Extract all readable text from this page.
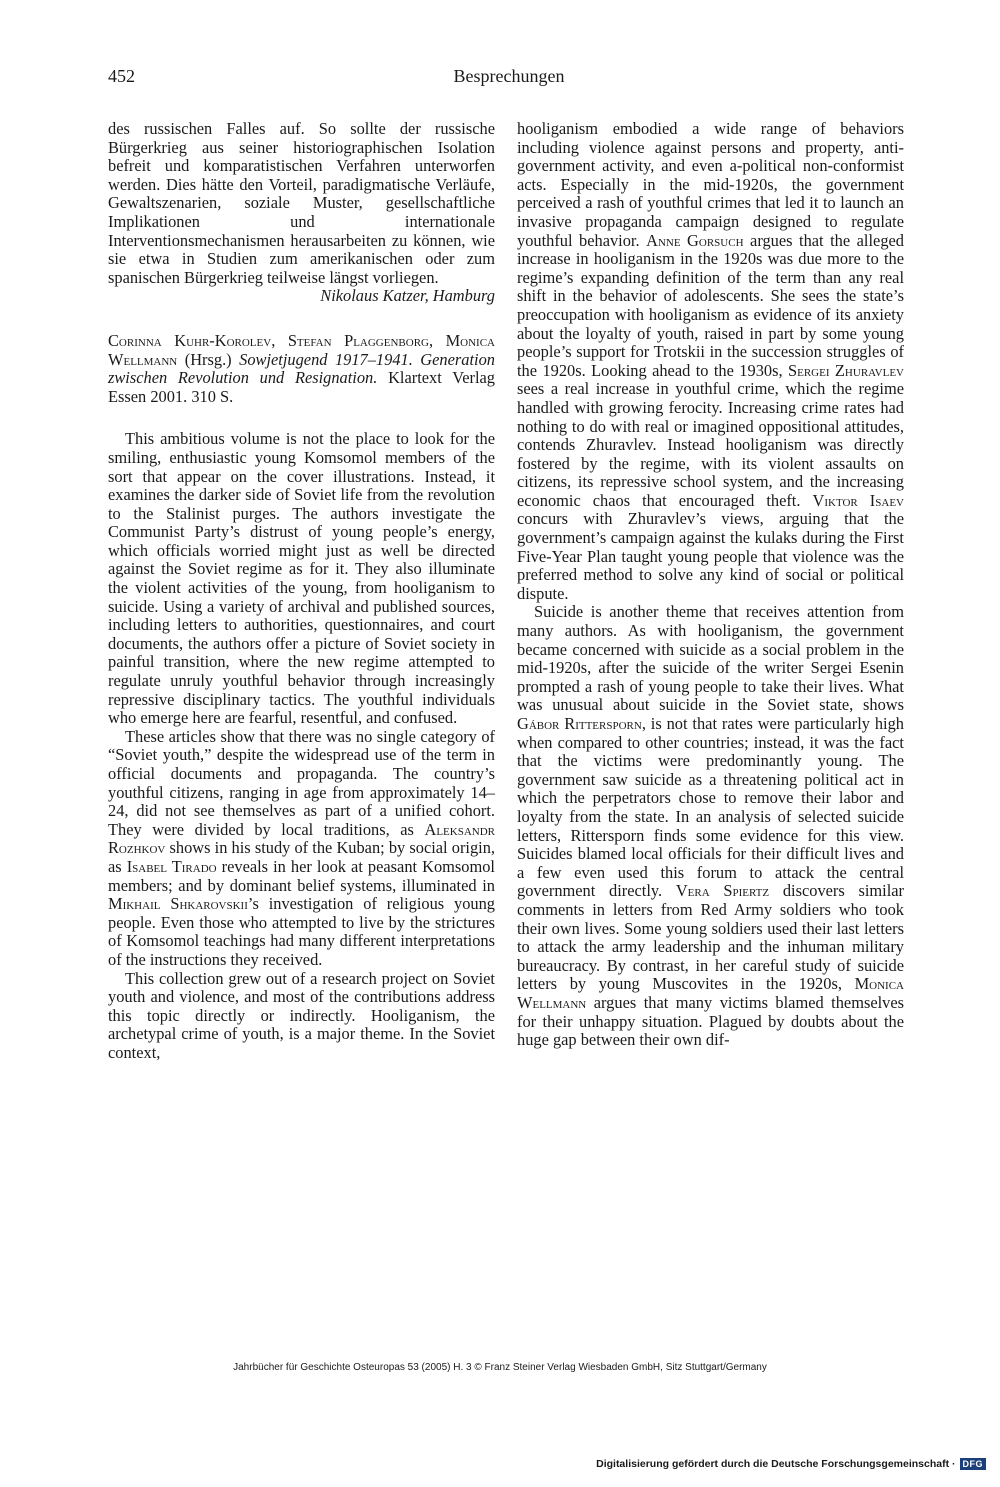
452	Besprechungen

des russischen Falles auf. So sollte der russische Bürgerkrieg aus seiner historiographischen Isolation befreit und komparatistischen Verfahren unterworfen werden. Dies hätte den Vorteil, paradigmatische Verläufe, Gewaltszenarien, soziale Muster, gesellschaftliche Implikationen und internationale Interventionsmechanismen herausarbeiten zu können, wie sie etwa in Studien zum amerikanischen oder zum spanischen Bürgerkrieg teilweise längst vorliegen.

Nikolaus Katzer, Hamburg

Corinna Kuhr-Korolev, Stefan Plaggenborg, Monica Wellmann (Hrsg.) Sowjetjugend 1917–1941. Generation zwischen Revolution und Resignation. Klartext Verlag Essen 2001. 310 S.

This ambitious volume is not the place to look for the smiling, enthusiastic young Komsomol members of the sort that appear on the cover illustrations. Instead, it examines the darker side of Soviet life from the revolution to the Stalinist purges. The authors investigate the Communist Party’s distrust of young people’s energy, which officials worried might just as well be directed against the Soviet regime as for it. They also illuminate the violent activities of the young, from hooliganism to suicide. Using a variety of archival and published sources, including letters to authorities, questionnaires, and court documents, the authors offer a picture of Soviet society in painful transition, where the new regime attempted to regulate unruly youthful behavior through increasingly repressive disciplinary tactics. The youthful individuals who emerge here are fearful, resentful, and confused.

These articles show that there was no single category of “Soviet youth,” despite the widespread use of the term in official documents and propaganda. The country’s youthful citizens, ranging in age from approximately 14–24, did not see themselves as part of a unified cohort. They were divided by local traditions, as Aleksandr Rozhkov shows in his study of the Kuban; by social origin, as Isabel Tirado reveals in her look at peasant Komsomol members; and by dominant belief systems, illuminated in Mikhail Shkarovskii’s investigation of religious young people. Even those who attempted to live by the strictures of Komsomol teachings had many different interpretations of the instructions they received.

This collection grew out of a research project on Soviet youth and violence, and most of the contributions address this topic directly or indirectly. Hooliganism, the archetypal crime of youth, is a major theme. In the Soviet context,

hooliganism embodied a wide range of behaviors including violence against persons and property, anti-government activity, and even a-political non-conformist acts. Especially in the mid-1920s, the government perceived a rash of youthful crimes that led it to launch an invasive propaganda campaign designed to regulate youthful behavior. Anne Gorsuch argues that the alleged increase in hooliganism in the 1920s was due more to the regime’s expanding definition of the term than any real shift in the behavior of adolescents. She sees the state’s preoccupation with hooliganism as evidence of its anxiety about the loyalty of youth, raised in part by some young people’s support for Trotskii in the succession struggles of the 1920s. Looking ahead to the 1930s, Sergei Zhuravlev sees a real increase in youthful crime, which the regime handled with growing ferocity. Increasing crime rates had nothing to do with real or imagined oppositional attitudes, contends Zhuravlev. Instead hooliganism was directly fostered by the regime, with its violent assaults on citizens, its repressive school system, and the increasing economic chaos that encouraged theft. Viktor Isaev concurs with Zhuravlev’s views, arguing that the government’s campaign against the kulaks during the First Five-Year Plan taught young people that violence was the preferred method to solve any kind of social or political dispute.

Suicide is another theme that receives attention from many authors. As with hooliganism, the government became concerned with suicide as a social problem in the mid-1920s, after the suicide of the writer Sergei Esenin prompted a rash of young people to take their lives. What was unusual about suicide in the Soviet state, shows Gábor Rittersporn, is not that rates were particularly high when compared to other countries; instead, it was the fact that the victims were predominantly young. The government saw suicide as a threatening political act in which the perpetrators chose to remove their labor and loyalty from the state. In an analysis of selected suicide letters, Rittersporn finds some evidence for this view. Suicides blamed local officials for their difficult lives and a few even used this forum to attack the central government directly. Vera Spiertz discovers similar comments in letters from Red Army soldiers who took their own lives. Some young soldiers used their last letters to attack the army leadership and the inhuman military bureaucracy. By contrast, in her careful study of suicide letters by young Muscovites in the 1920s, Monica Wellmann argues that many victims blamed themselves for their unhappy situation. Plagued by doubts about the huge gap between their own dif-

Jahrbücher für Geschichte Osteuropas 53 (2005) H. 3 © Franz Steiner Verlag Wiesbaden GmbH, Sitz Stuttgart/Germany
Digitalisierung gefördert durch die Deutsche Forschungsgemeinschaft · DFG
